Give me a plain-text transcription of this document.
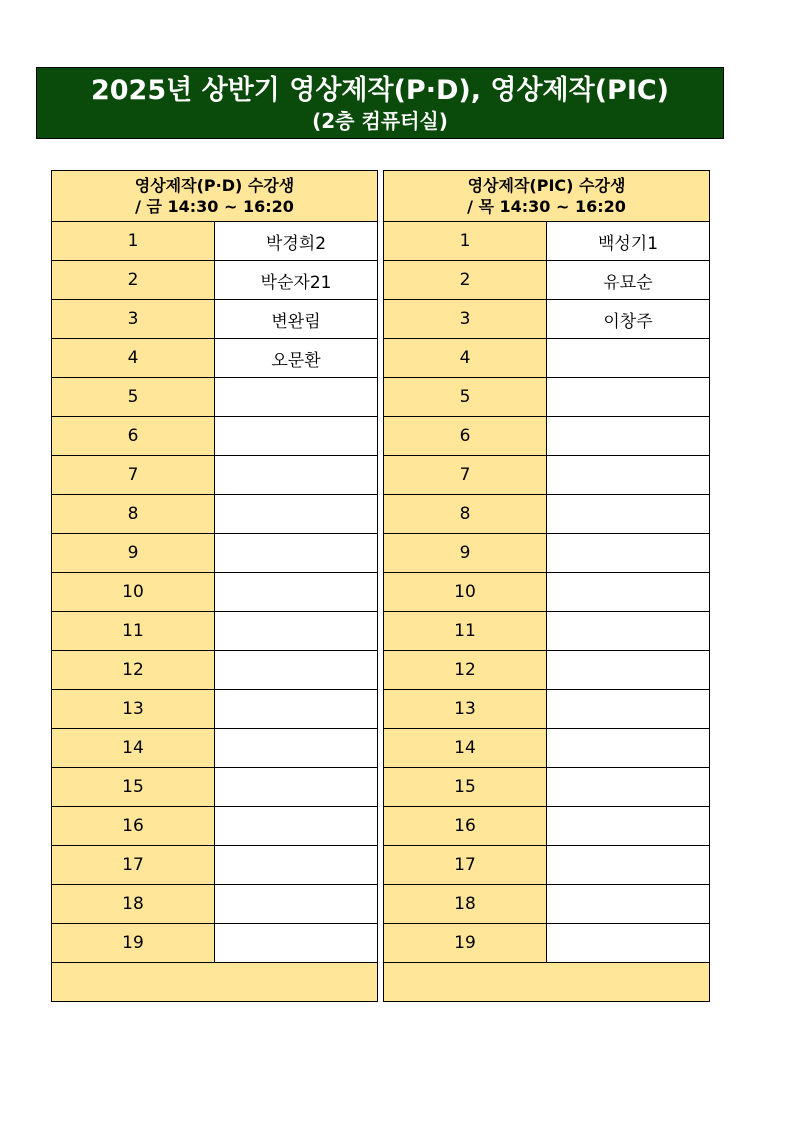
2025년 상반기 영상제작(P·D), 영상제작(PIC)
(2층 컴퓨터실)
영상제작(P·D) 수강생
/ 금 14:30 ~ 16:20	

1	박경희2
2	박순자21
3	변완림
4	오문환
5	
6	
7	
8	
9	
10	
11	
12	
13	
14	
15	
16	
17	
18	
19	

영상제작(PIC) 수강생
/ 목 14:30 ~ 16:20	

1	백성기1
2	유묘순
3	이창주
4	
5	
6	
7	
8	
9	
10	
11	
12	
13	
14	
15	
16	
17	
18	
19	
